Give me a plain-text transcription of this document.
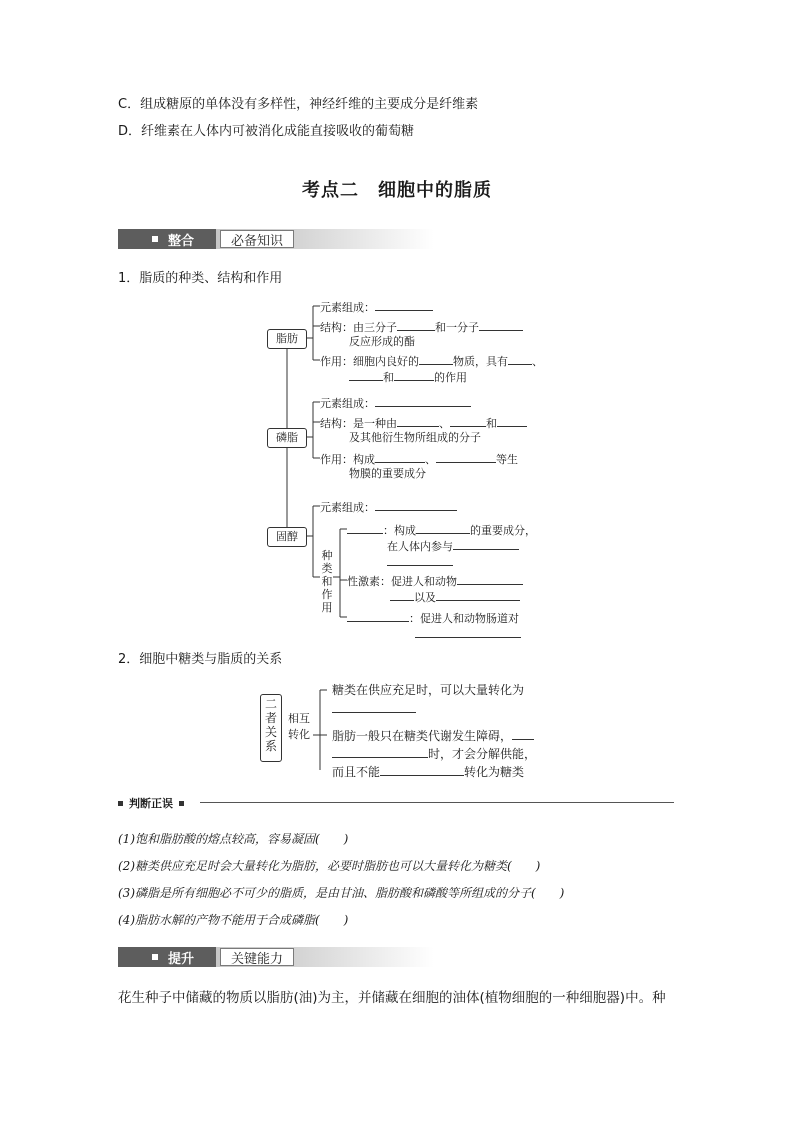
C．组成糖原的单体没有多样性，神经纤维的主要成分是纤维素
D．纤维素在人体内可被消化成能直接吸收的葡萄糖
考点二　细胞中的脂质
整合	必备知识
1．脂质的种类、结构和作用
脂肪
磷脂
固醇
元素组成：
结构：由三分子	和一分子
反应形成的酯
作用：细胞内良好的	物质，具有 、
和	的作用
元素组成：
结构：是一种由	、	和
及其他衍生物所组成的分子
作用：构成	、	等生
物膜的重要成分
元素组成：
种类和作用
：构成	的重要成分，
在人体内参与
性激素：促进人和动物
以及
：促进人和动物肠道对
2．细胞中糖类与脂质的关系
二者关系
相互
转化
糖类在供应充足时，可以大量转化为
脂肪一般只在糖类代谢发生障碍，
时，才会分解供能，
而且不能	转化为糖类
判断正误
(1)饱和脂肪酸的熔点较高，容易凝固(　　)
(2)糖类供应充足时会大量转化为脂肪，必要时脂肪也可以大量转化为糖类(　　)
(3)磷脂是所有细胞必不可少的脂质，是由甘油、脂肪酸和磷酸等所组成的分子(　　)
(4)脂肪水解的产物不能用于合成磷脂(　　)
提升	关键能力
花生种子中储藏的物质以脂肪(油)为主，并储藏在细胞的油体(植物细胞的一种细胞器)中。种
